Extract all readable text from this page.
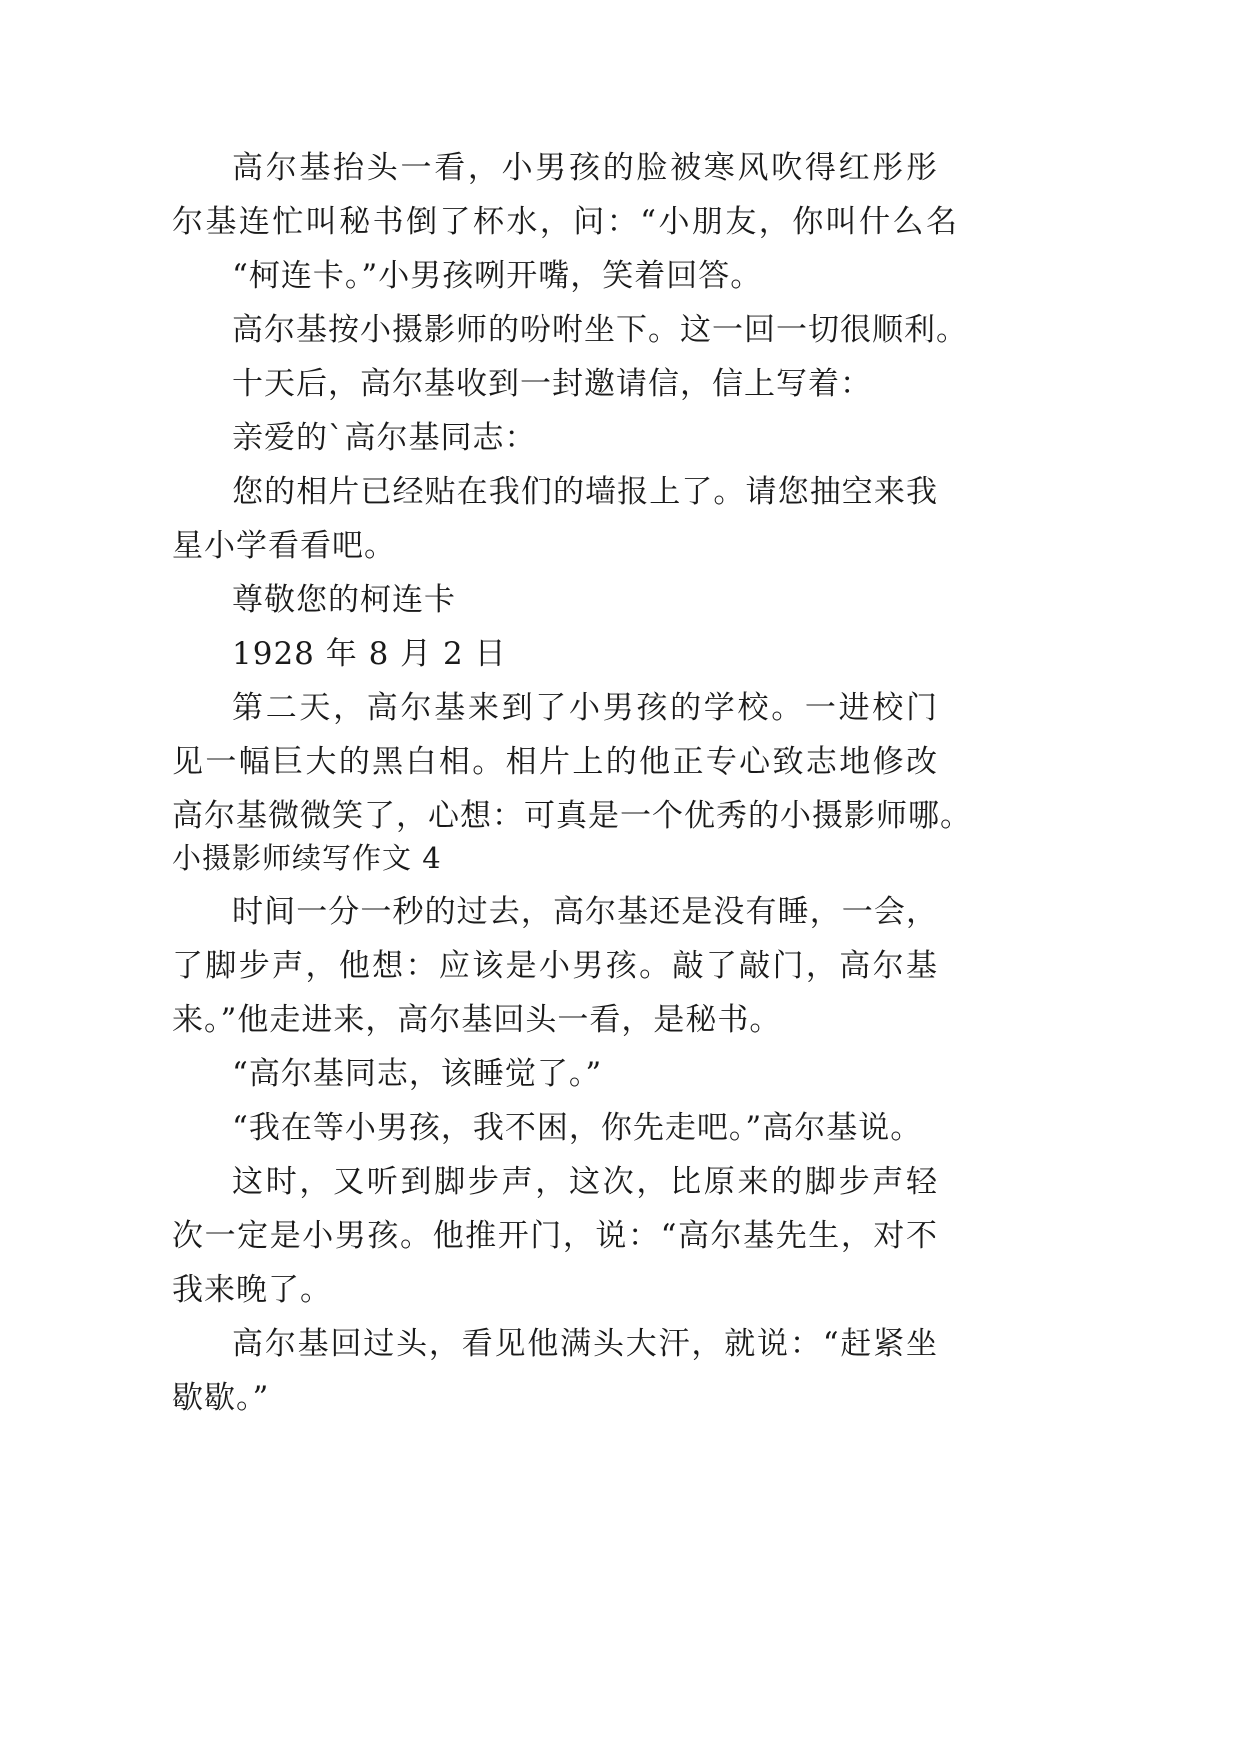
高尔基抬头一看，小男孩的脸被寒风吹得红彤彤
尔基连忙叫秘书倒了杯水，问：“小朋友，你叫什么名
“柯连卡。”小男孩咧开嘴，笑着回答。
高尔基按小摄影师的吩咐坐下。这一回一切很顺利。
十天后，高尔基收到一封邀请信，信上写着：
亲爱的`高尔基同志：
您的相片已经贴在我们的墙报上了。请您抽空来我
星小学看看吧。
尊敬您的柯连卡
1928 年 8 月 2 日
第二天，高尔基来到了小男孩的学校。一进校门
见一幅巨大的黑白相。相片上的他正专心致志地修改
高尔基微微笑了，心想：可真是一个优秀的小摄影师哪。
小摄影师续写作文 4
时间一分一秒的过去，高尔基还是没有睡，一会，
了脚步声，他想：应该是小男孩。敲了敲门，高尔基
来。”他走进来，高尔基回头一看，是秘书。
“高尔基同志，该睡觉了。”
“我在等小男孩，我不困，你先走吧。”高尔基说。
这时，又听到脚步声，这次，比原来的脚步声轻
次一定是小男孩。他推开门，说：“高尔基先生，对不
我来晚了。
高尔基回过头，看见他满头大汗，就说：“赶紧坐
歇歇。”
